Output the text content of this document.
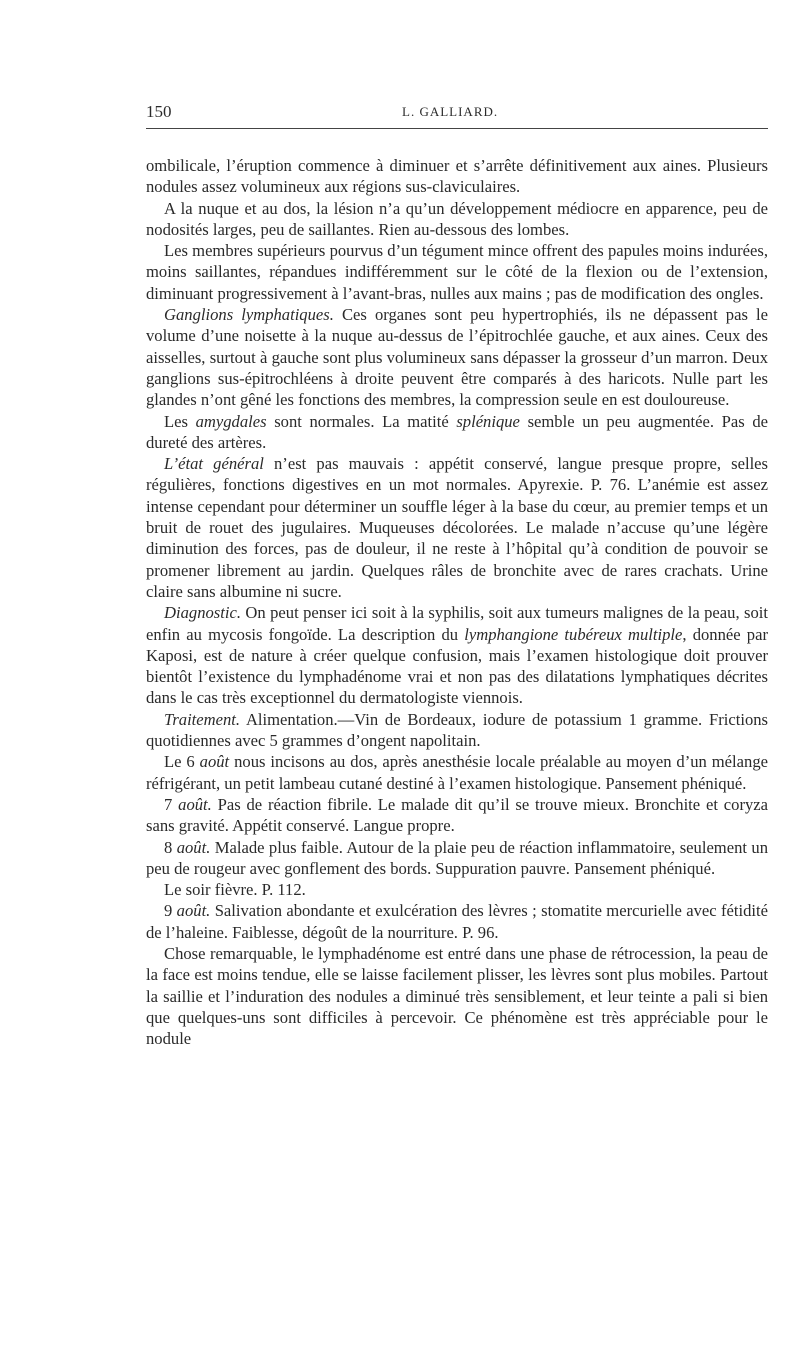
150	L. GALLIARD.

ombilicale, l’éruption commence à diminuer et s’arrête définitivement aux aines. Plusieurs nodules assez volumineux aux régions sus-claviculaires.

A la nuque et au dos, la lésion n’a qu’un développement médiocre en apparence, peu de nodosités larges, peu de saillantes. Rien au-dessous des lombes.

Les membres supérieurs pourvus d’un tégument mince offrent des papules moins indurées, moins saillantes, répandues indifféremment sur le côté de la flexion ou de l’extension, diminuant progressivement à l’avant-bras, nulles aux mains ; pas de modification des ongles.

Ganglions lymphatiques. Ces organes sont peu hypertrophiés, ils ne dépassent pas le volume d’une noisette à la nuque au-dessus de l’épitrochlée gauche, et aux aines. Ceux des aisselles, surtout à gauche sont plus volumineux sans dépasser la grosseur d’un marron. Deux ganglions sus-épitrochléens à droite peuvent être comparés à des haricots. Nulle part les glandes n’ont gêné les fonctions des membres, la compression seule en est douloureuse.

Les amygdales sont normales. La matité splénique semble un peu augmentée. Pas de dureté des artères.

L’état général n’est pas mauvais : appétit conservé, langue presque propre, selles régulières, fonctions digestives en un mot normales. Apyrexie. P. 76. L’anémie est assez intense cependant pour déterminer un souffle léger à la base du cœur, au premier temps et un bruit de rouet des jugulaires. Muqueuses décolorées. Le malade n’accuse qu’une légère diminution des forces, pas de douleur, il ne reste à l’hôpital qu’à condition de pouvoir se promener librement au jardin. Quelques râles de bronchite avec de rares crachats. Urine claire sans albumine ni sucre.

Diagnostic. On peut penser ici soit à la syphilis, soit aux tumeurs malignes de la peau, soit enfin au mycosis fongoïde. La description du lymphangione tubéreux multiple, donnée par Kaposi, est de nature à créer quelque confusion, mais l’examen histologique doit prouver bientôt l’existence du lymphadénome vrai et non pas des dilatations lymphatiques décrites dans le cas très exceptionnel du dermatologiste viennois.

Traitement. Alimentation.—Vin de Bordeaux, iodure de potassium 1 gramme. Frictions quotidiennes avec 5 grammes d’ongent napolitain.

Le 6 août nous incisons au dos, après anesthésie locale préalable au moyen d’un mélange réfrigérant, un petit lambeau cutané destiné à l’examen histologique. Pansement phéniqué.

7 août. Pas de réaction fibrile. Le malade dit qu’il se trouve mieux. Bronchite et coryza sans gravité. Appétit conservé. Langue propre.

8 août. Malade plus faible. Autour de la plaie peu de réaction inflammatoire, seulement un peu de rougeur avec gonflement des bords. Suppuration pauvre. Pansement phéniqué.

Le soir fièvre. P. 112.

9 août. Salivation abondante et exulcération des lèvres ; stomatite mercurielle avec fétidité de l’haleine. Faiblesse, dégoût de la nourriture. P. 96.

Chose remarquable, le lymphadénome est entré dans une phase de rétrocession, la peau de la face est moins tendue, elle se laisse facilement plisser, les lèvres sont plus mobiles. Partout la saillie et l’induration des nodules a diminué très sensiblement, et leur teinte a pali si bien que quelques-uns sont difficiles à percevoir. Ce phénomène est très appréciable pour le nodule
